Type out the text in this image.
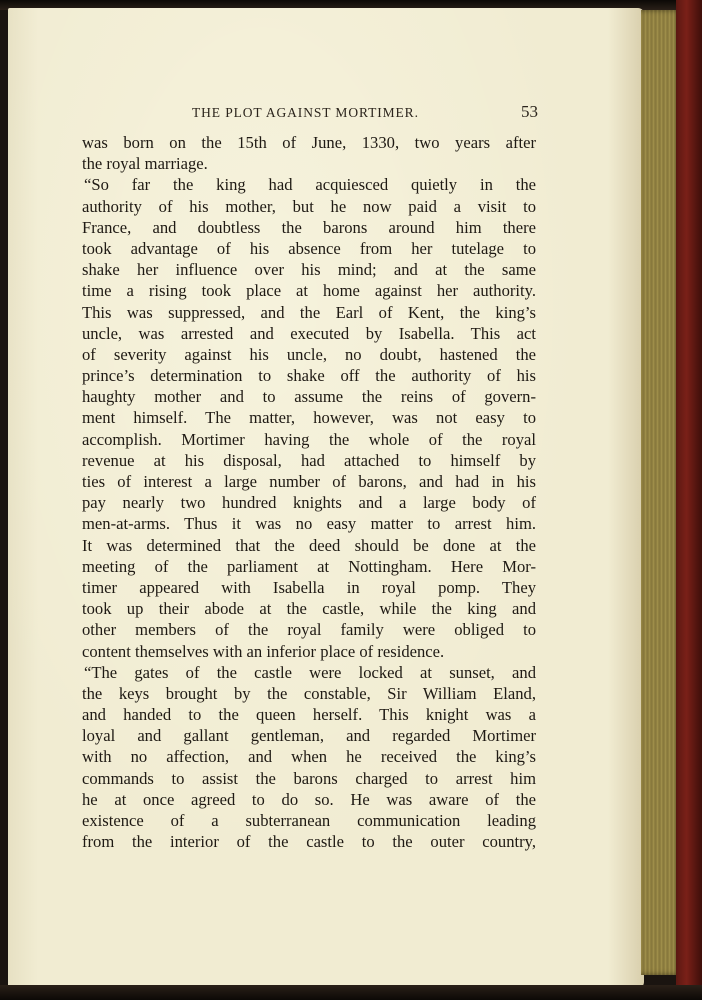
THE PLOT AGAINST MORTIMER.	53
was born on the 15th of June, 1330, two years after
the royal marriage.
“So far the king had acquiesced quietly in the
authority of his mother, but he now paid a visit to
France, and doubtless the barons around him there
took advantage of his absence from her tutelage to
shake her influence over his mind; and at the same
time a rising took place at home against her authority.
This was suppressed, and the Earl of Kent, the king’s
uncle, was arrested and executed by Isabella. This act
of severity against his uncle, no doubt, hastened the
prince’s determination to shake off the authority of his
haughty mother and to assume the reins of govern-
ment himself. The matter, however, was not easy to
accomplish. Mortimer having the whole of the royal
revenue at his disposal, had attached to himself by
ties of interest a large number of barons, and had in his
pay nearly two hundred knights and a large body of
men-at-arms. Thus it was no easy matter to arrest him.
It was determined that the deed should be done at the
meeting of the parliament at Nottingham. Here Mor-
timer appeared with Isabella in royal pomp. They
took up their abode at the castle, while the king and
other members of the royal family were obliged to
content themselves with an inferior place of residence.
“The gates of the castle were locked at sunset, and
the keys brought by the constable, Sir William Eland,
and handed to the queen herself. This knight was a
loyal and gallant gentleman, and regarded Mortimer
with no affection, and when he received the king’s
commands to assist the barons charged to arrest him
he at once agreed to do so. He was aware of the
existence of a subterranean communication leading
from the interior of the castle to the outer country,
